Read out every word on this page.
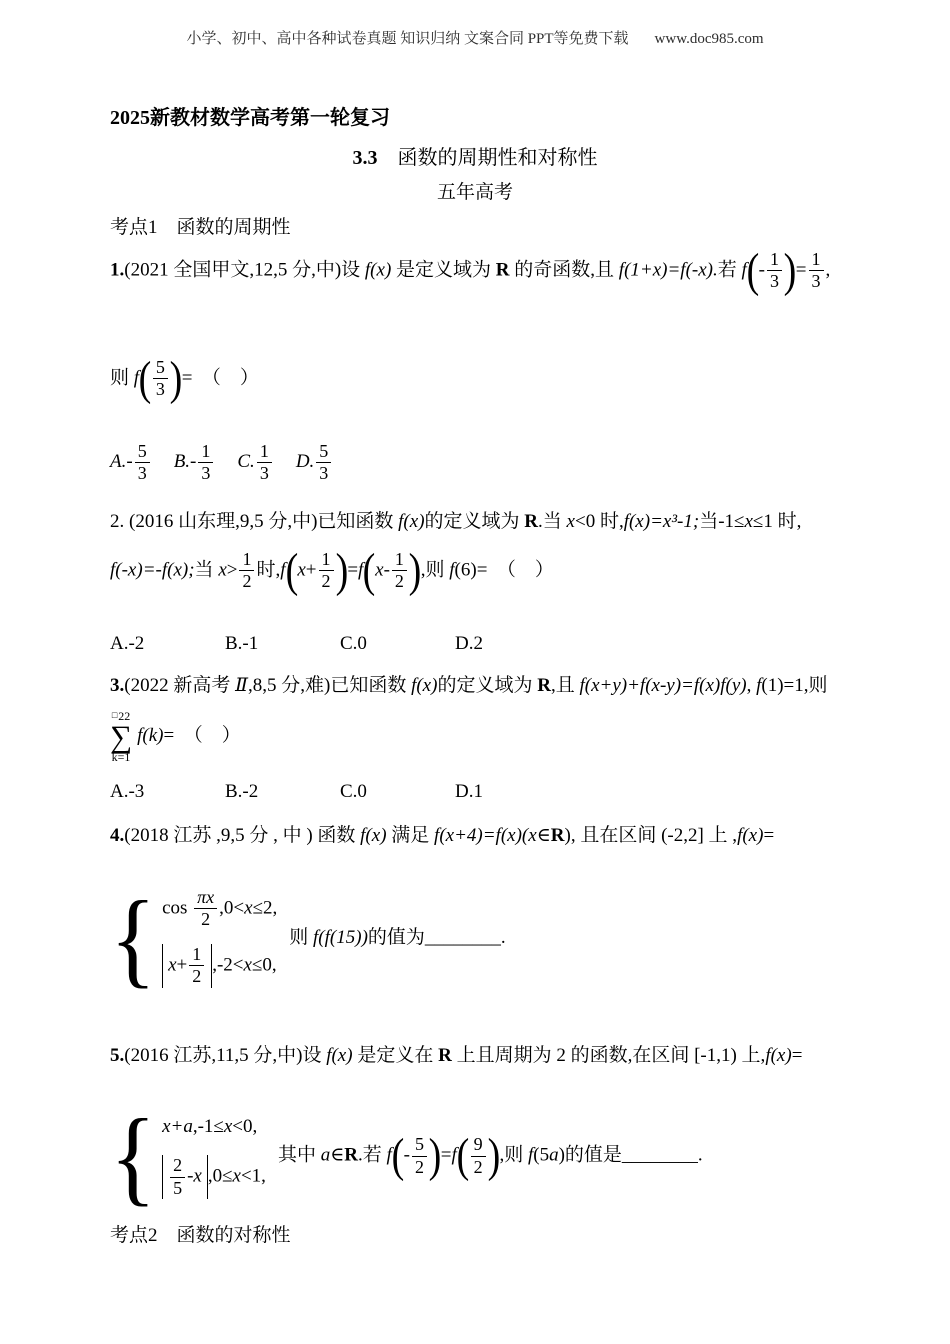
小学、初中、高中各种试卷真题 知识归纳 文案合同 PPT等免费下载 www.doc985.com
2025新教材数学高考第一轮复习
3.3　函数的周期性和对称性
五年高考
考点1　函数的周期性
1.(2021 全国甲文,12,5 分,中)设 f(x) 是定义域为 R 的奇函数,且 f(1+x)=f(-x).若 $f(- \frac{1}{3}$ )= $\frac{1}{3}$ ,
则 $f( \frac{5}{3}$ )=　（　）
$A.- \frac{5}{3} B.- \frac{1}{3} C$. $\frac{1}{3} D$. $\frac{5}{3}$
2. (2016 山东理,9,5 分,中)已知函数 f(x)的定义域为 R.当 x<0 时,f(x)=x³-1;当-1≤x≤1 时,
f(-x)=-f(x);当 $x> \frac{1}{2}$ 时$,f(x+ \frac{1}{2} )=f(x- \frac{1}{2}$ ),则 f(6)=　（　）
A.-2	B.-1	C.0	D.2
3.(2022 新高考 Ⅱ,8,5 分,难)已知函数 f(x)的定义域为 R,且 f(x+y)+f(x-y)=f(x)f(y), f(1)=1,则
□ 22
∑
k=1
f(k)=　（　）
A.-3	B.-2	C.0	D.1
4.(2018 江苏 ,9,5 分 , 中 ) 函数 f(x) 满足 f(x+4)=f(x)(x∈R), 且在区间 (-2,2] 上 ,f(x)=
{ $\cos \frac{\pi x}{2} ,0<x\le 2$,
$x+ \frac{1}{2} ,-2<x\le 0$,
则 f(f(15))的值为________.
5.(2016 江苏,11,5 分,中)设 f(x) 是定义在 R 上且周期为 2 的函数,在区间 [-1,1) 上,f(x)=
{ x+a,-1≤x<0,
$\frac{2}{5} -x$ ,0≤x<1,
其中 a∈R.若 $f(- \frac{5}{2} )=f( \frac{9}{2}$ ),则 f(5a)的值是________.
考点2　函数的对称性
